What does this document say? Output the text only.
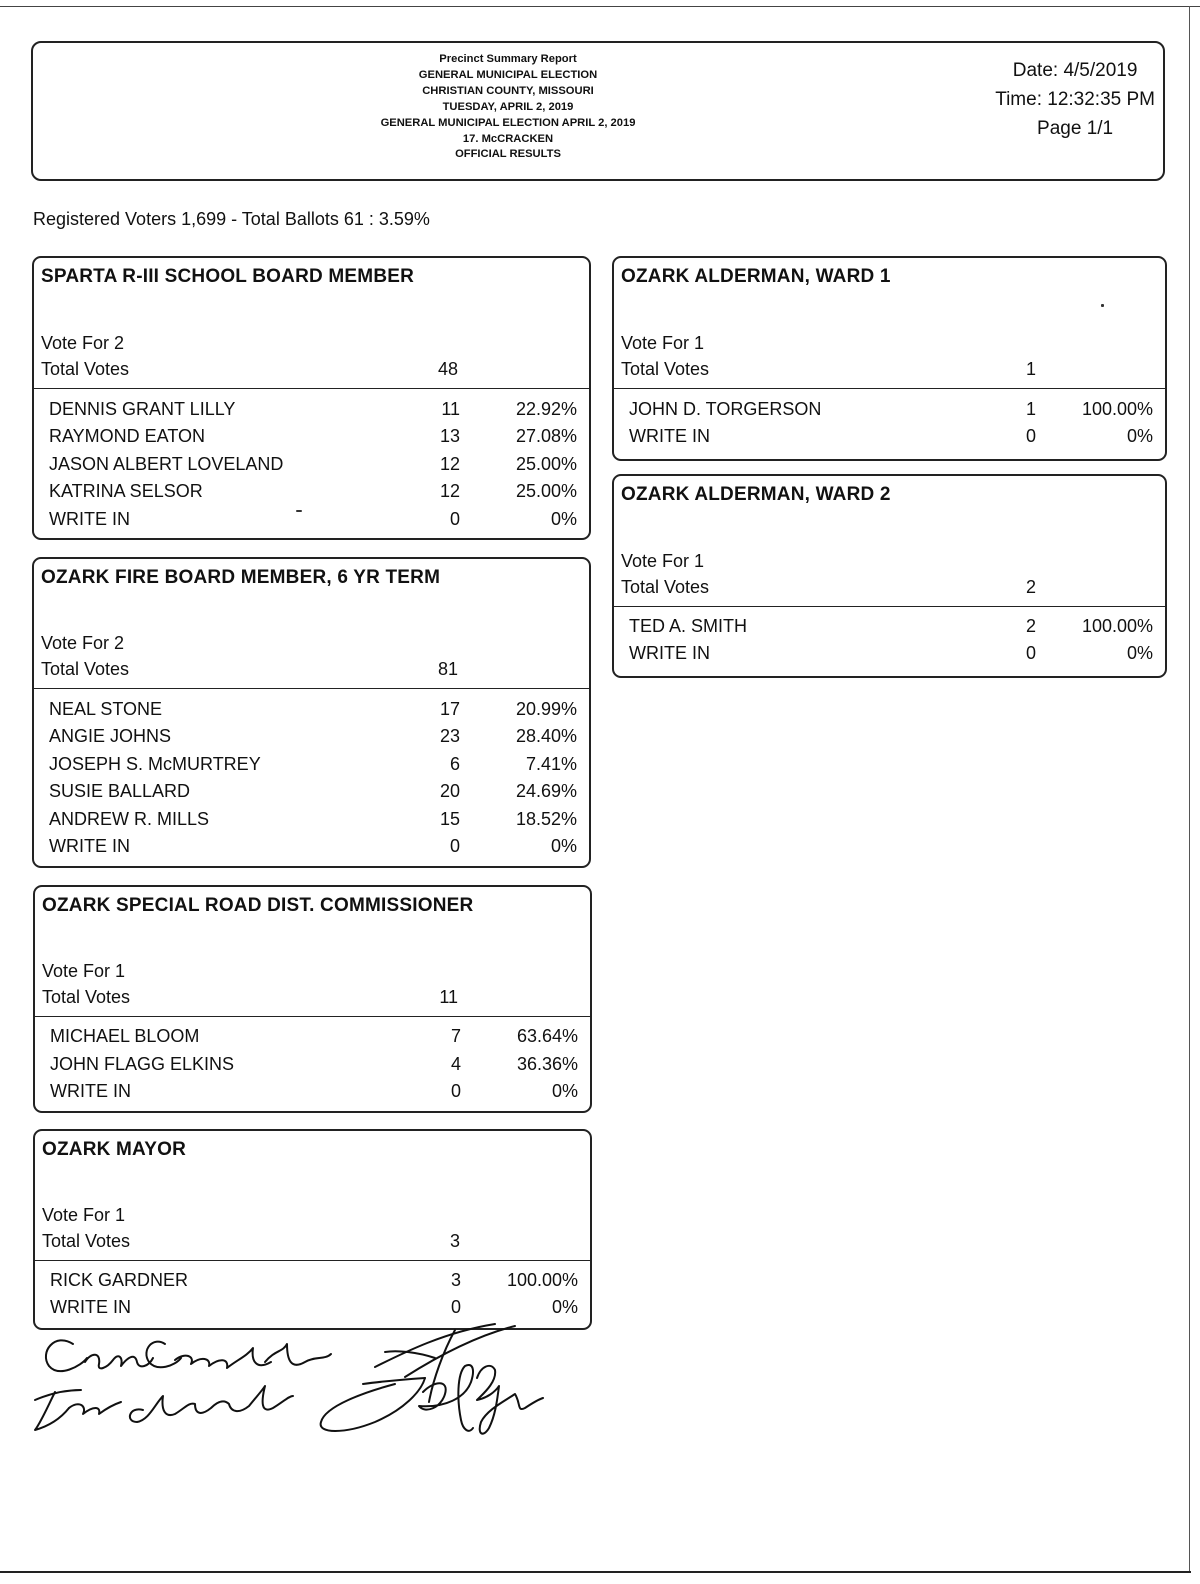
Precinct Summary Report
GENERAL MUNICIPAL ELECTION
CHRISTIAN COUNTY, MISSOURI
TUESDAY, APRIL 2, 2019
GENERAL MUNICIPAL ELECTION APRIL 2, 2019
17. McCRACKEN
OFFICIAL RESULTS
Date: 4/5/2019
Time: 12:32:35 PM
Page 1/1
Registered Voters 1,699 - Total Ballots 61 : 3.59%
SPARTA R-III SCHOOL BOARD MEMBER
Vote For 2
Total Votes	48
DENNIS GRANT LILLY	11	22.92%
RAYMOND EATON	13	27.08%
JASON ALBERT LOVELAND	12	25.00%
KATRINA SELSOR	12	25.00%
WRITE IN	0	0%
OZARK FIRE BOARD MEMBER, 6 YR TERM
Vote For 2
Total Votes	81
NEAL STONE	17	20.99%
ANGIE JOHNS	23	28.40%
JOSEPH S. McMURTREY	6	7.41%
SUSIE BALLARD	20	24.69%
ANDREW R. MILLS	15	18.52%
WRITE IN	0	0%
OZARK SPECIAL ROAD DIST. COMMISSIONER
Vote For 1
Total Votes	11
MICHAEL BLOOM	7	63.64%
JOHN FLAGG ELKINS	4	36.36%
WRITE IN	0	0%
OZARK MAYOR
Vote For 1
Total Votes	3
RICK GARDNER	3	100.00%
WRITE IN	0	0%
OZARK ALDERMAN, WARD 1
Vote For 1
Total Votes	1
JOHN D. TORGERSON	1	100.00%
WRITE IN	0	0%
OZARK ALDERMAN, WARD 2
Vote For 1
Total Votes	2
TED A. SMITH	2	100.00%
WRITE IN	0	0%
